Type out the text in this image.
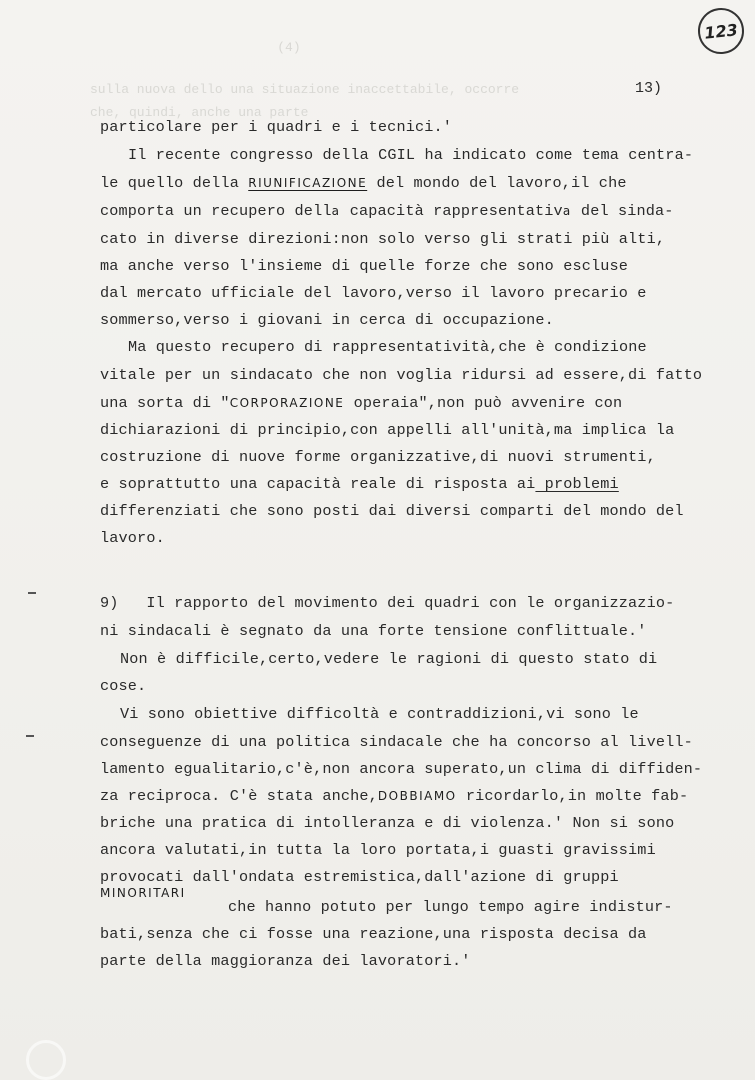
(4)
sulla nuova dello una situazione inaccettabile, occorre
che, quindi, anche una parte
123
13)
particolare per i quadri e i tecnici.'
Il recente congresso della CGIL ha indicato come tema centra-
le quello della RIUNIFICAZIONE del mondo del lavoro,il che
comporta un recupero della capacità rappresentativa del sinda-
cato in diverse direzioni:non solo verso gli strati più alti,
ma anche verso l'insieme di quelle forze che sono escluse
dal mercato ufficiale del lavoro,verso il lavoro precario e
sommerso,verso i giovani in cerca di occupazione.
Ma questo recupero di rappresentatività,che è condizione
vitale per un sindacato che non voglia ridursi ad essere,di fatto
una sorta di "CORPORAZIONE operaia",non può avvenire con
dichiarazioni di principio,con appelli all'unità,ma implica la
costruzione di nuove forme organizzative,di nuovi strumenti,
e soprattutto una capacità reale di risposta ai problemi
differenziati che sono posti dai diversi comparti del mondo del
lavoro.
9)   Il rapporto del movimento dei quadri con le organizzazio-
ni sindacali è segnato da una forte tensione conflittuale.'
Non è difficile,certo,vedere le ragioni di questo stato di
cose.
Vi sono obiettive difficoltà e contraddizioni,vi sono le
conseguenze di una politica sindacale che ha concorso al livell-
lamento egualitario,c'è,non ancora superato,un clima di diffiden-
za reciproca. C'è stata anche,DOBBIAMO ricordarlo,in molte fab-
briche una pratica di intolleranza e di violenza.' Non si sono
ancora valutati,in tutta la loro portata,i guasti gravissimi
provocati dall'ondata estremistica,dall'azione di gruppi
MINORITARI
che hanno potuto per lungo tempo agire indistur-
bati,senza che ci fosse una reazione,una risposta decisa da
parte della maggioranza dei lavoratori.'
